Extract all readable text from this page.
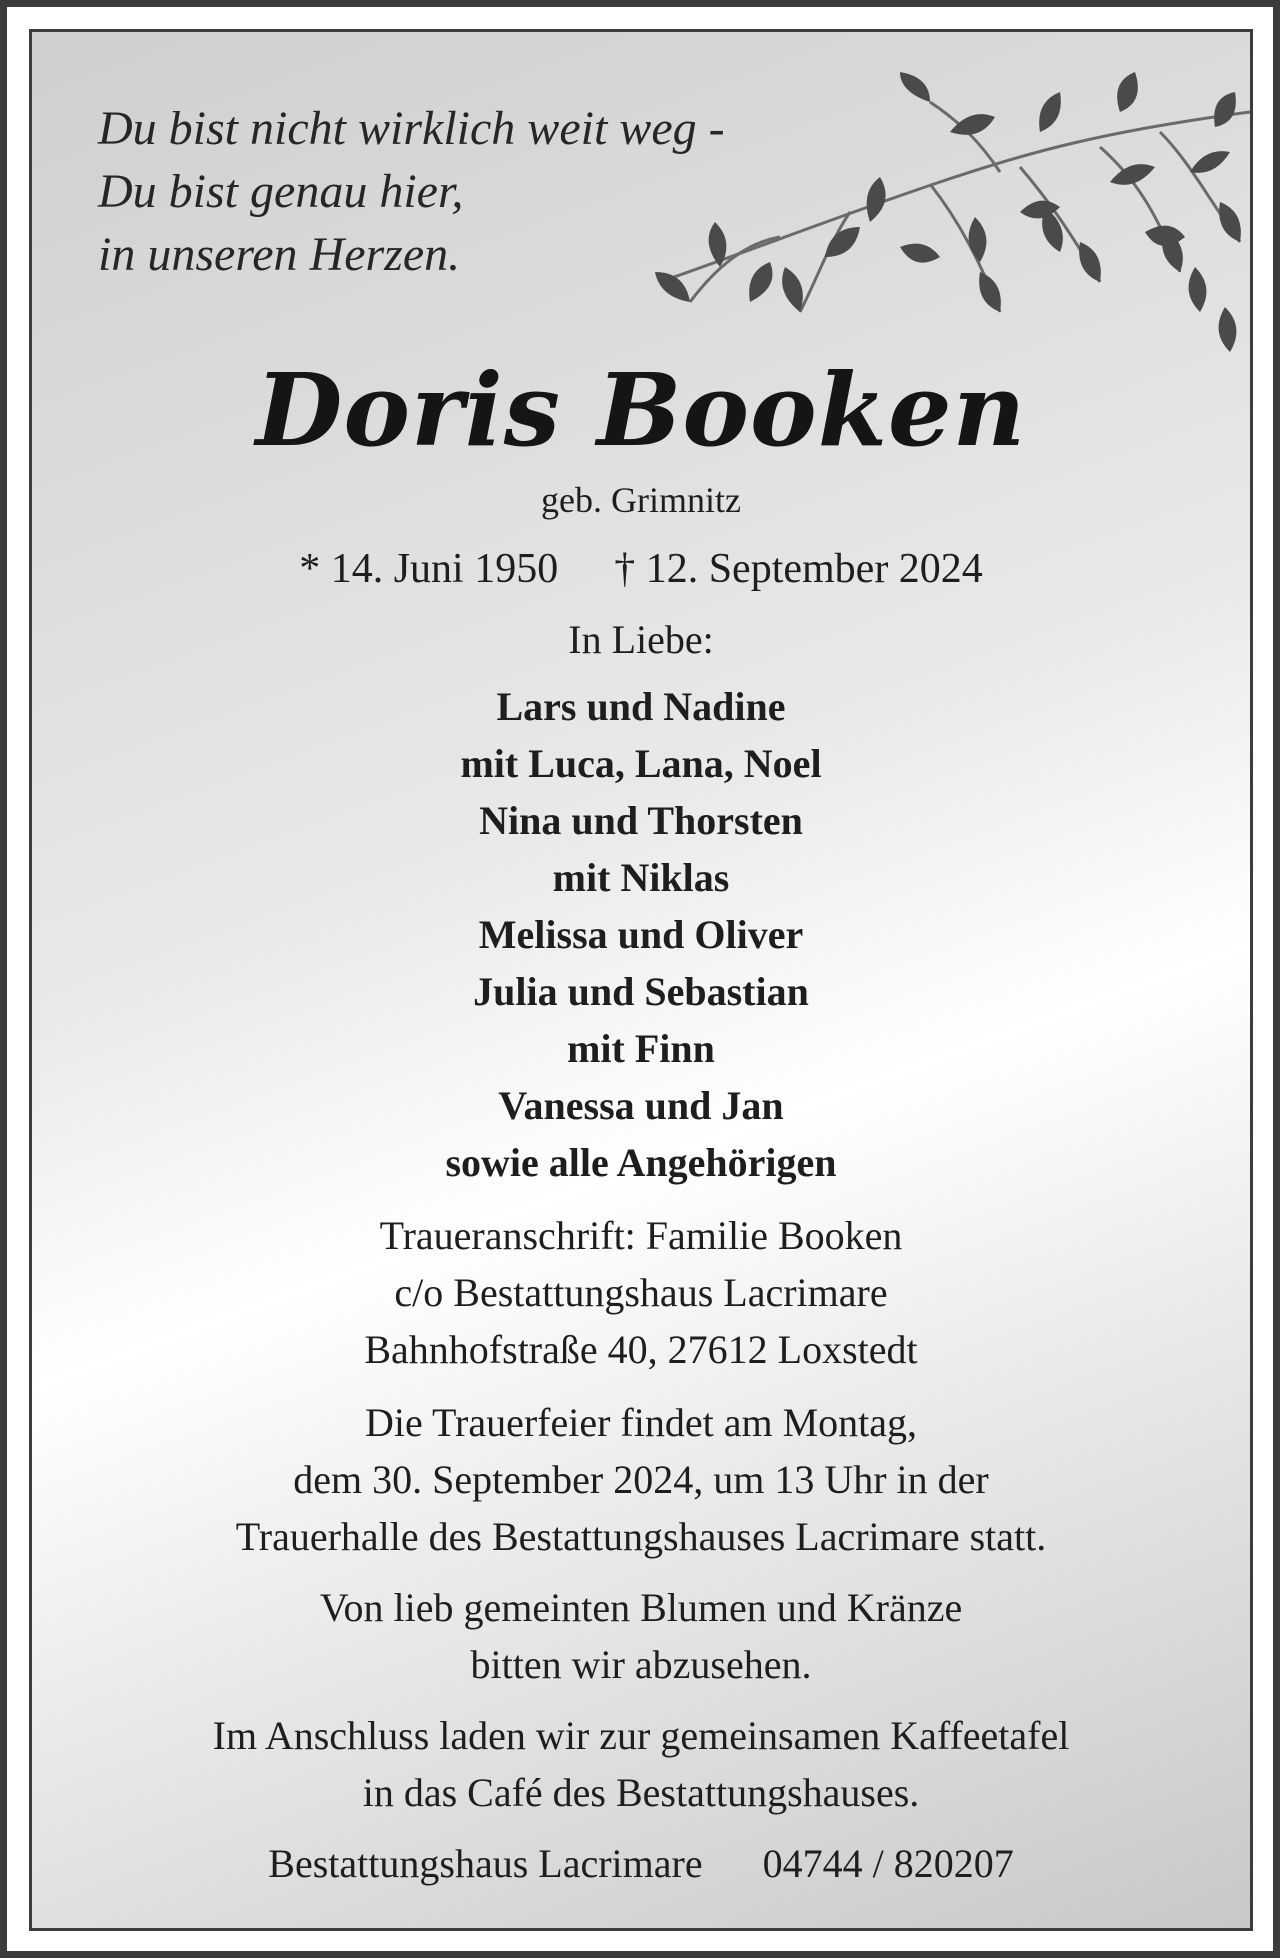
Du bist nicht wirklich weit weg -
Du bist genau hier,
in unseren Herzen.
Doris Booken
geb. Grimnitz
* 14. Juni 1950 † 12. September 2024
In Liebe:
Lars und Nadine
mit Luca, Lana, Noel
Nina und Thorsten
mit Niklas
Melissa und Oliver
Julia und Sebastian
mit Finn
Vanessa und Jan
sowie alle Angehörigen
Traueranschrift: Familie Booken
c/o Bestattungshaus Lacrimare
Bahnhofstraße 40, 27612 Loxstedt
Die Trauerfeier findet am Montag,
dem 30. September 2024, um 13 Uhr in der
Trauerhalle des Bestattungshauses Lacrimare statt.
Von lieb gemeinten Blumen und Kränze
bitten wir abzusehen.
Im Anschluss laden wir zur gemeinsamen Kaffeetafel
in das Café des Bestattungshauses.
Bestattungshaus Lacrimare 04744 / 820207
